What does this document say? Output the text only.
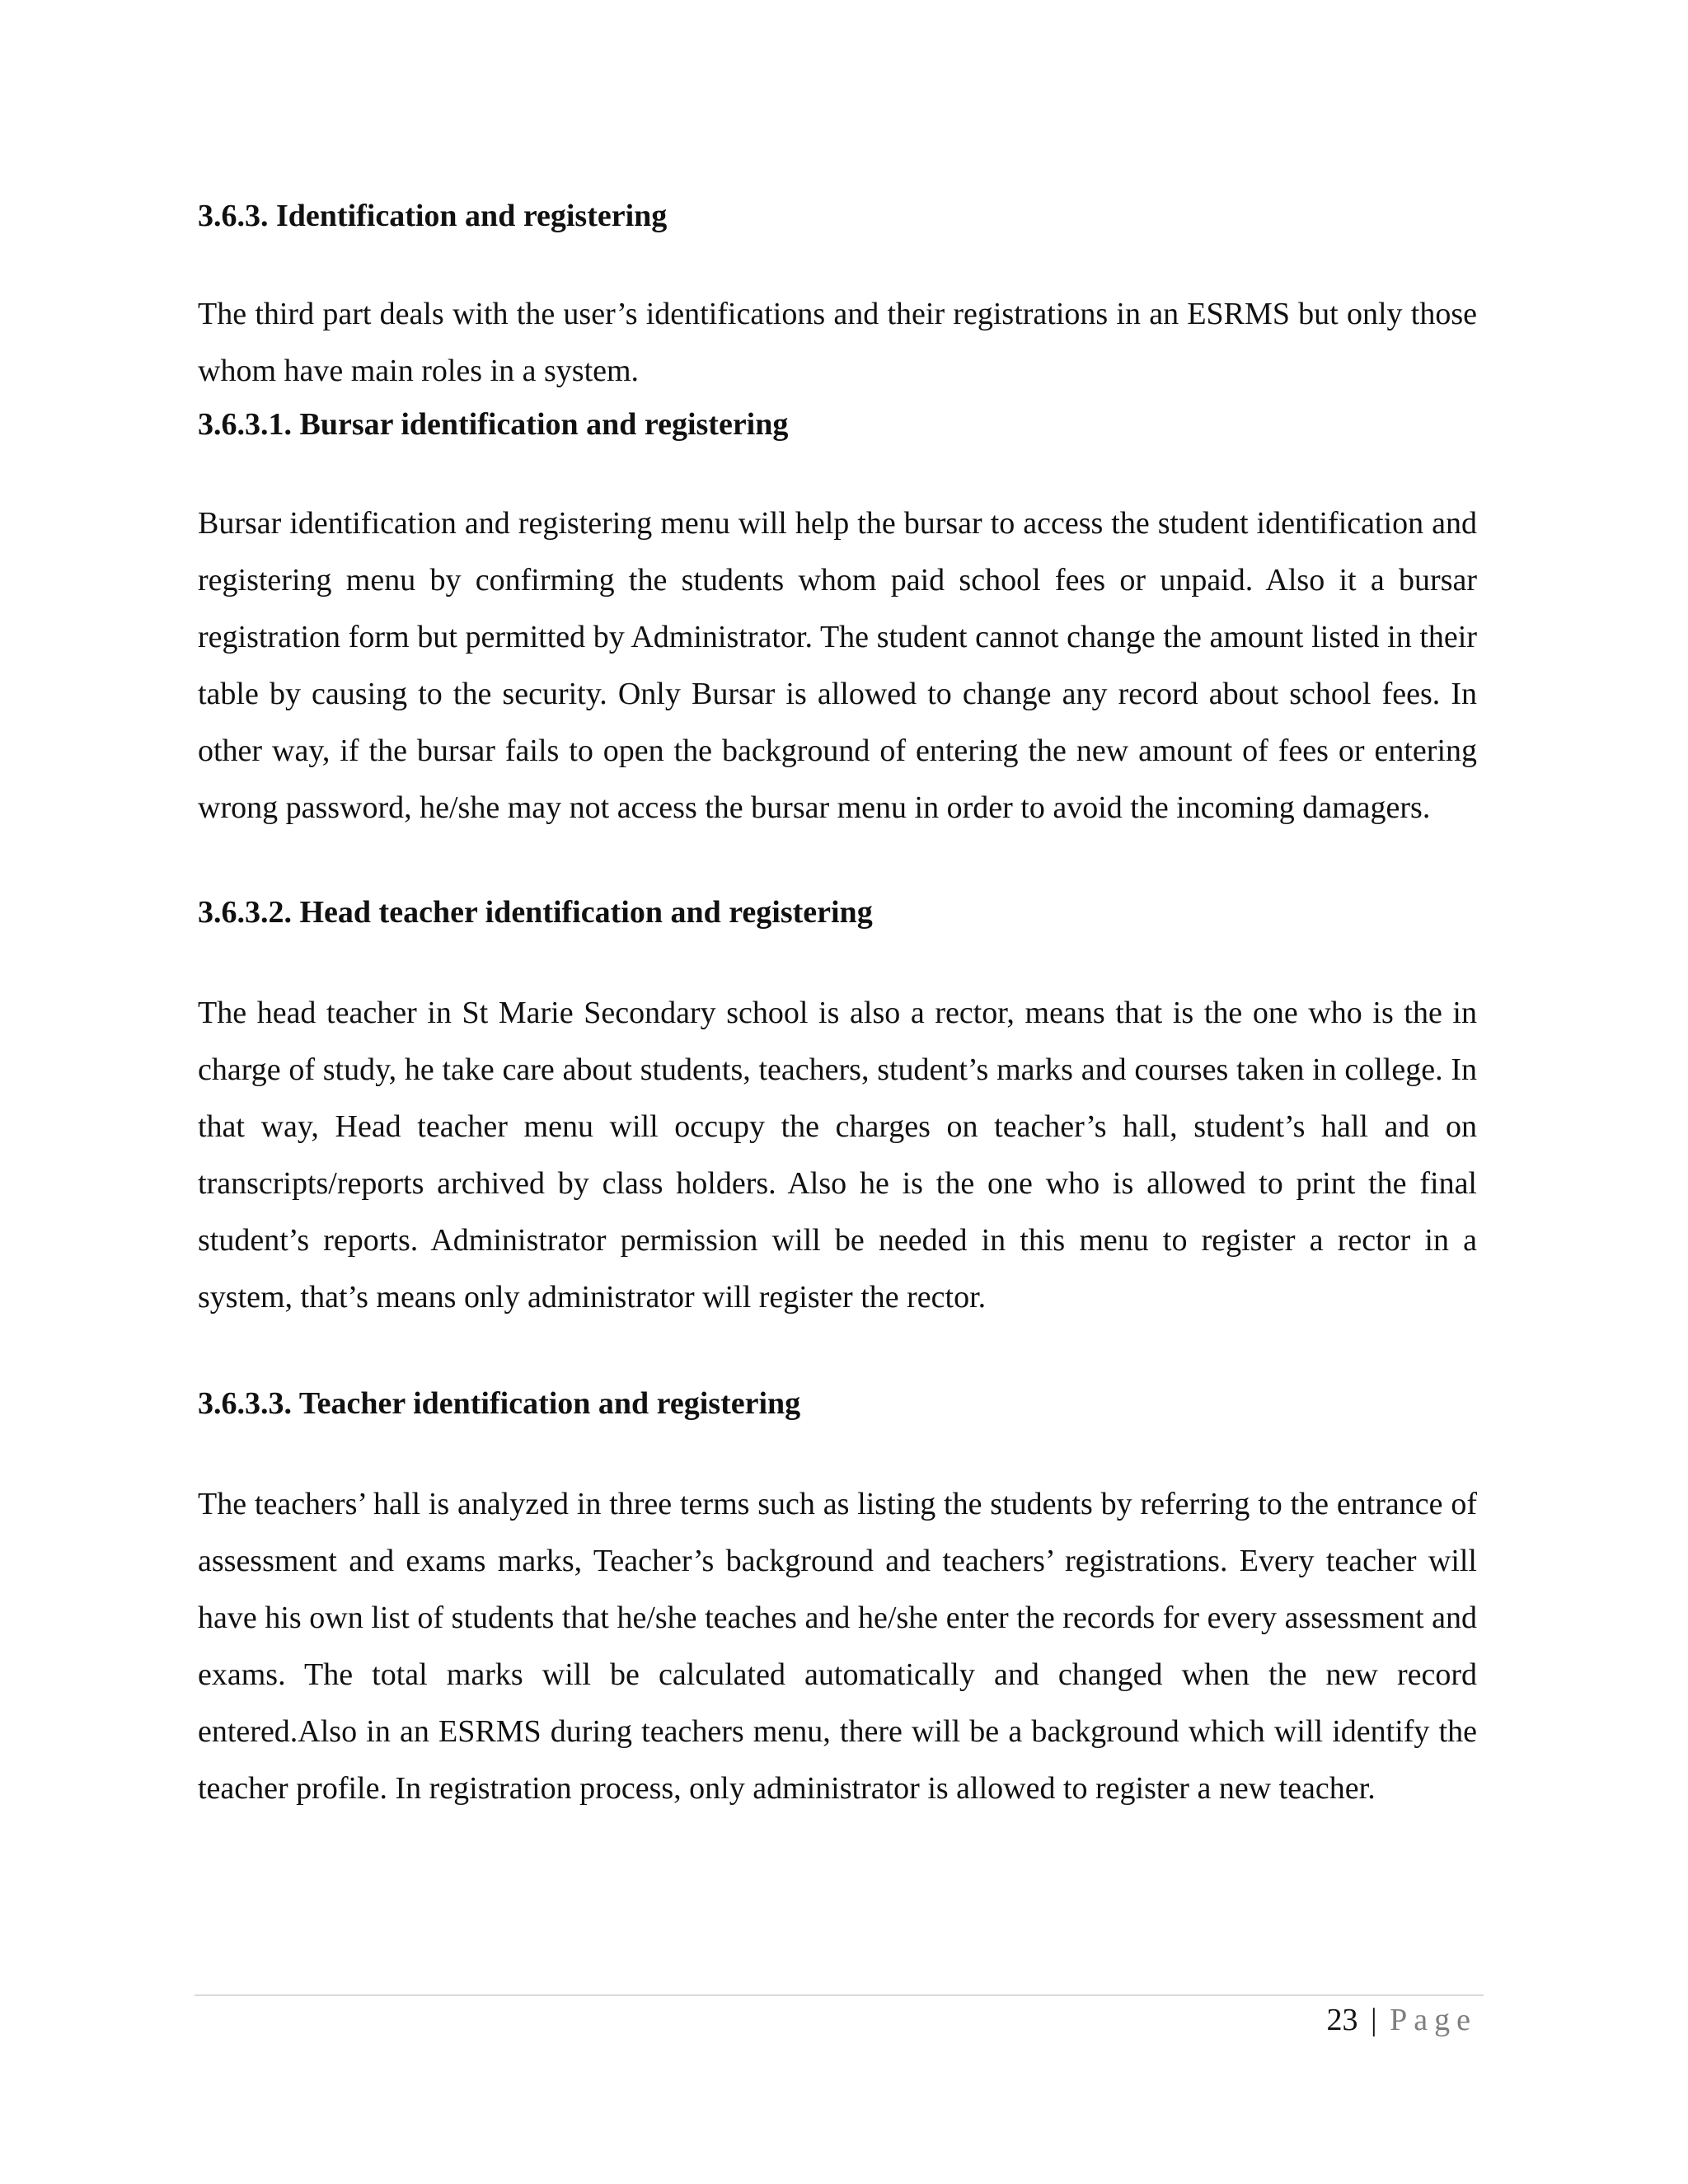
3.6.3. Identification and registering

The third part deals with the user’s identifications and their registrations in an ESRMS but only those whom have main roles in a system.

3.6.3.1. Bursar identification and registering

Bursar identification and registering menu will help the bursar to access the student identification and registering menu by confirming the students whom paid school fees or unpaid. Also it a bursar registration form but permitted by Administrator. The student cannot change the amount listed in their table by causing to the security. Only Bursar is allowed to change any record about school fees. In other way, if the bursar fails to open the background of entering the new amount of fees or entering wrong password, he/she may not access the bursar menu in order to avoid the incoming damagers.

3.6.3.2. Head teacher identification and registering

The head teacher in St Marie Secondary school is also a rector, means that is the one who is the in charge of study, he take care about students, teachers, student’s marks and courses taken in college. In that way, Head teacher menu will occupy the charges on teacher’s hall, student’s hall and on transcripts/reports archived by class holders. Also he is the one who is allowed to print the final student’s reports. Administrator permission will be needed in this menu to register a rector in a system, that’s means only administrator will register the rector.

3.6.3.3. Teacher identification and registering

The teachers’ hall is analyzed in three terms such as listing the students by referring to the entrance of assessment and exams marks, Teacher’s background and teachers’ registrations. Every teacher will have his own list of students that he/she teaches and he/she enter the records for every assessment and exams. The total marks will be calculated automatically and changed when the new record entered.Also in an ESRMS during teachers menu, there will be a background which will identify the teacher profile. In registration process, only administrator is allowed to register a new teacher.

23 | Page
